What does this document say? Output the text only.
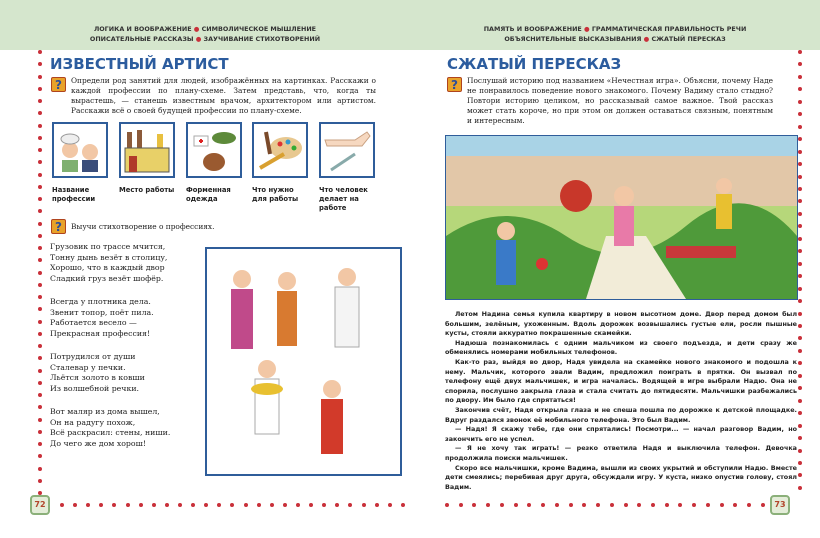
ЛОГИКА И ВООБРАЖЕНИЕ ● СИМВОЛИЧЕСКОЕ МЫШЛЕНИЕ
ОПИСАТЕЛЬНЫЕ РАССКАЗЫ ● ЗАУЧИВАНИЕ СТИХОТВОРЕНИЙ
ПАМЯТЬ И ВООБРАЖЕНИЕ ● ГРАММАТИЧЕСКАЯ ПРАВИЛЬНОСТЬ РЕЧИ
ОБЪЯСНИТЕЛЬНЫЕ ВЫСКАЗЫВАНИЯ ● СЖАТЫЙ ПЕРЕСКАЗ
ИЗВЕСТНЫЙ АРТИСТ
?	Определи род занятий для людей, изображённых на картинках. Расскажи о каждой профессии по плану-схеме. Затем представь, что, когда ты вырастешь, — станешь известным врачом, архитектором или артистом. Расскажи всё о своей будущей профессии по плану-схеме.
Название профессии
Место работы	Форменная одежда
Что нужно для работы
Что человек делает на работе
?	Выучи стихотворение о профессиях.
Грузовик по трассе мчится,
Тонну дынь везёт в столицу,
Хорошо, что в каждый двор
Сладкий груз везёт шофёр.
Всегда у плотника дела.
Звенит топор, поёт пила.
Работается весело —
Прекрасная профессия!
Потрудился от души
Сталевар у печки.
Льётся золото в ковши
Из волшебной речки.
Вот маляр из дома вышел,
Он на радугу похож,
Всё раскрасил: стены, ниши.
До чего же дом хорош!
72
СЖАТЫЙ ПЕРЕСКАЗ
?	Послушай историю под названием «Нечестная игра». Объясни, почему Наде не понравилось поведение нового знакомого. Почему Вадиму стало стыдно? Повтори историю целиком, но рассказывай самое важное. Твой рассказ может стать короче, но при этом он должен оставаться связным, понятным и интересным.

Летом Надина семья купила квартиру в новом высотном доме. Двор перед домом был большим, зелёным, ухоженным. Вдоль дорожек возвышались густые ели, росли пышные кусты, стояли аккуратно покрашенные скамейки.

Надюша познакомилась с одним мальчиком из своего подъезда, и дети сразу же обменялись номерами мобильных телефонов.

Как-то раз, выйдя во двор, Надя увидела на скамейке нового знакомого и подошла к нему. Мальчик, которого звали Вадим, предложил поиграть в прятки. Он вызвал по телефону ещё двух мальчишек, и игра началась. Водящей в игре выбрали Надю. Она не спорила, послушно закрыла глаза и стала считать до пятидесяти. Мальчишки разбежались по двору. Им было где спрятаться!

Закончив счёт, Надя открыла глаза и не спеша пошла по дорожке к детской площадке. Вдруг раздался звонок её мобильного телефона. Это был Вадим.

— Надя! Я скажу тебе, где они спрятались! Посмотри... — начал разговор Вадим, но закончить его не успел.

— Я не хочу так играть! — резко ответила Надя и выключила телефон. Девочка продолжила поиски мальчишек.

Скоро все мальчишки, кроме Вадима, вышли из своих укрытий и обступили Надю. Вместе дети смеялись; перебивая друг друга, обсуждали игру. У куста, низко опустив голову, стоял Вадим.

73
